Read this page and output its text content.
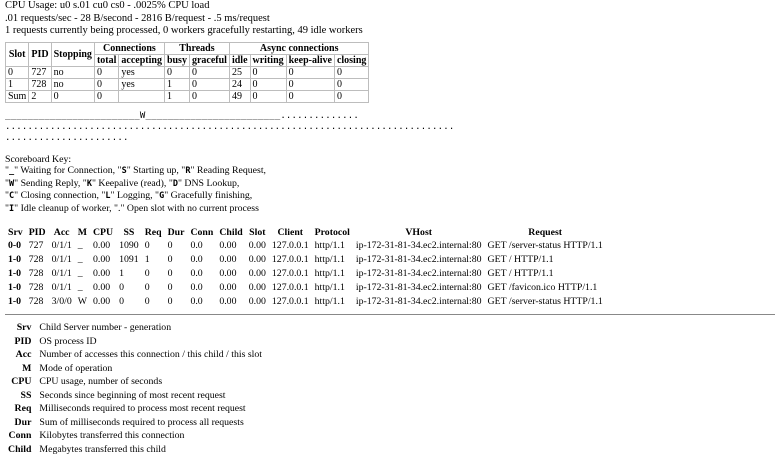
CPU Usage: u0 s.01 cu0 cs0 - .0025% CPU load
.01 requests/sec - 28 B/second - 2816 B/request - .5 ms/request
1 requests currently being processed, 0 workers gracefully restarting, 49 idle workers
Slot	PID	Stopping	Connections		Threads		Async connections			
			total	accepting	busy	graceful	idle	writing	keep-alive	closing
0	727	no	0	yes	0	0	25	0	0	0
1	728	no	0	yes	1	0	24	0	0	0
Sum	2	0	0		1	0	49	0	0	0
________________________W________________________..............
................................................................................
......................
Scoreboard Key:
"_" Waiting for Connection, "S" Starting up, "R" Reading Request,
"W" Sending Reply, "K" Keepalive (read), "D" DNS Lookup,
"C" Closing connection, "L" Logging, "G" Gracefully finishing,
"I" Idle cleanup of worker, "." Open slot with no current process
Srv	PID	Acc	M	CPU	SS	Req	Dur	Conn	Child	Slot	Client	Protocol	VHost	Request
0-0	727	0/1/1	_	0.00	1090	0	0	0.0	0.00	0.00	127.0.0.1	http/1.1	ip-172-31-81-34.ec2.internal:80	GET /server-status HTTP/1.1
1-0	728	0/1/1	_	0.00	1091	1	0	0.0	0.00	0.00	127.0.0.1	http/1.1	ip-172-31-81-34.ec2.internal:80	GET / HTTP/1.1
1-0	728	0/1/1	_	0.00	1	0	0	0.0	0.00	0.00	127.0.0.1	http/1.1	ip-172-31-81-34.ec2.internal:80	GET / HTTP/1.1
1-0	728	0/1/1	_	0.00	0	0	0	0.0	0.00	0.00	127.0.0.1	http/1.1	ip-172-31-81-34.ec2.internal:80	GET /favicon.ico HTTP/1.1
1-0	728	3/0/0	W	0.00	0	0	0	0.0	0.00	0.00	127.0.0.1	http/1.1	ip-172-31-81-34.ec2.internal:80	GET /server-status HTTP/1.1
Srv	Child Server number - generation
PID	OS process ID
Acc	Number of accesses this connection / this child / this slot
M	Mode of operation
CPU	CPU usage, number of seconds
SS	Seconds since beginning of most recent request
Req	Milliseconds required to process most recent request
Dur	Sum of milliseconds required to process all requests
Conn	Kilobytes transferred this connection
Child	Megabytes transferred this child
